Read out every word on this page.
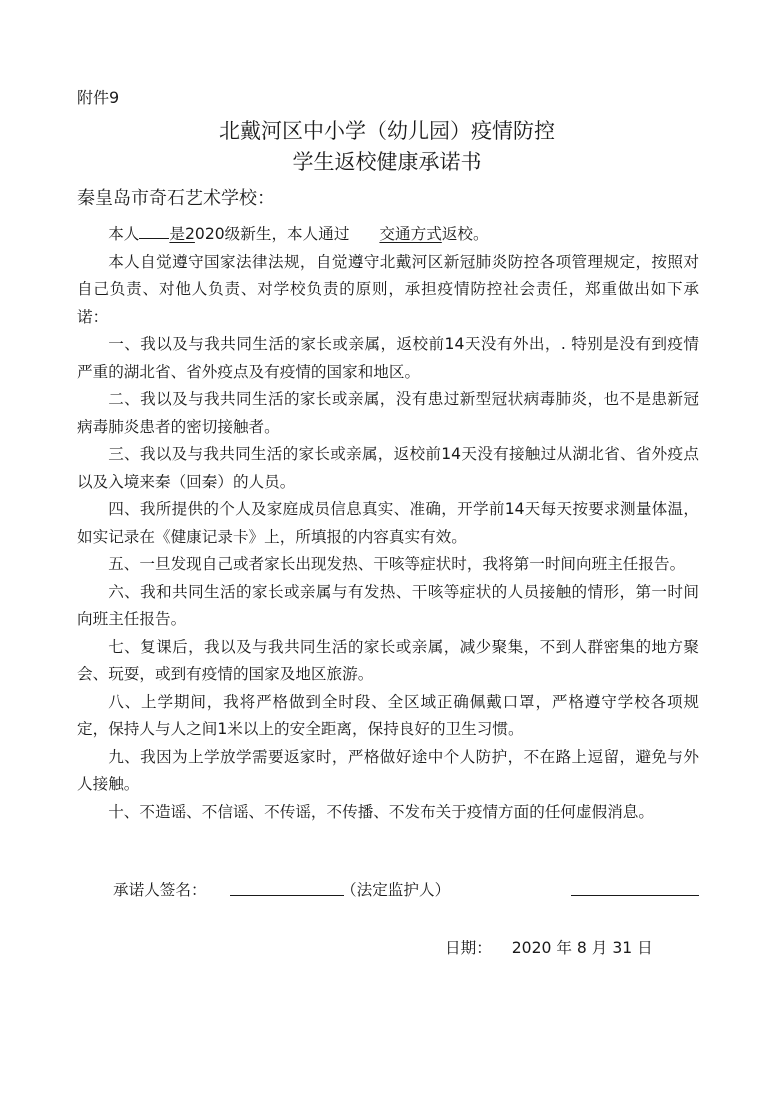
附件9
北戴河区中小学（幼儿园）疫情防控
学生返校健康承诺书
秦皇岛市奇石艺术学校：

本人 是2020级新生，本人通过 交通方式返校。

本人自觉遵守国家法律法规，自觉遵守北戴河区新冠肺炎防控各项管理规定，按照对自己负责、对他人负责、对学校负责的原则，承担疫情防控社会责任，郑重做出如下承诺：

一、我以及与我共同生活的家长或亲属，返校前14天没有外出，. 特别是没有到疫情严重的湖北省、省外疫点及有疫情的国家和地区。

二、我以及与我共同生活的家长或亲属，没有患过新型冠状病毒肺炎，也不是患新冠病毒肺炎患者的密切接触者。

三、我以及与我共同生活的家长或亲属，返校前14天没有接触过从湖北省、省外疫点以及入境来秦（回秦）的人员。

四、我所提供的个人及家庭成员信息真实、准确，开学前14天每天按要求测量体温，如实记录在《健康记录卡》上，所填报的内容真实有效。

五、一旦发现自己或者家长出现发热、干咳等症状时，我将第一时间向班主任报告。

六、我和共同生活的家长或亲属与有发热、干咳等症状的人员接触的情形，第一时间向班主任报告。

七、复课后，我以及与我共同生活的家长或亲属，减少聚集，不到人群密集的地方聚会、玩耍，或到有疫情的国家及地区旅游。

八、上学期间，我将严格做到全时段、全区域正确佩戴口罩，严格遵守学校各项规定，保持人与人之间1米以上的安全距离，保持良好的卫生习惯。

九、我因为上学放学需要返家时，严格做好途中个人防护，不在路上逗留，避免与外人接触。

十、不造谣、不信谣、不传谣，不传播、不发布关于疫情方面的任何虚假消息。

承诺人签名：	（法定监护人）
日期： 2020 年 8 月 31 日
